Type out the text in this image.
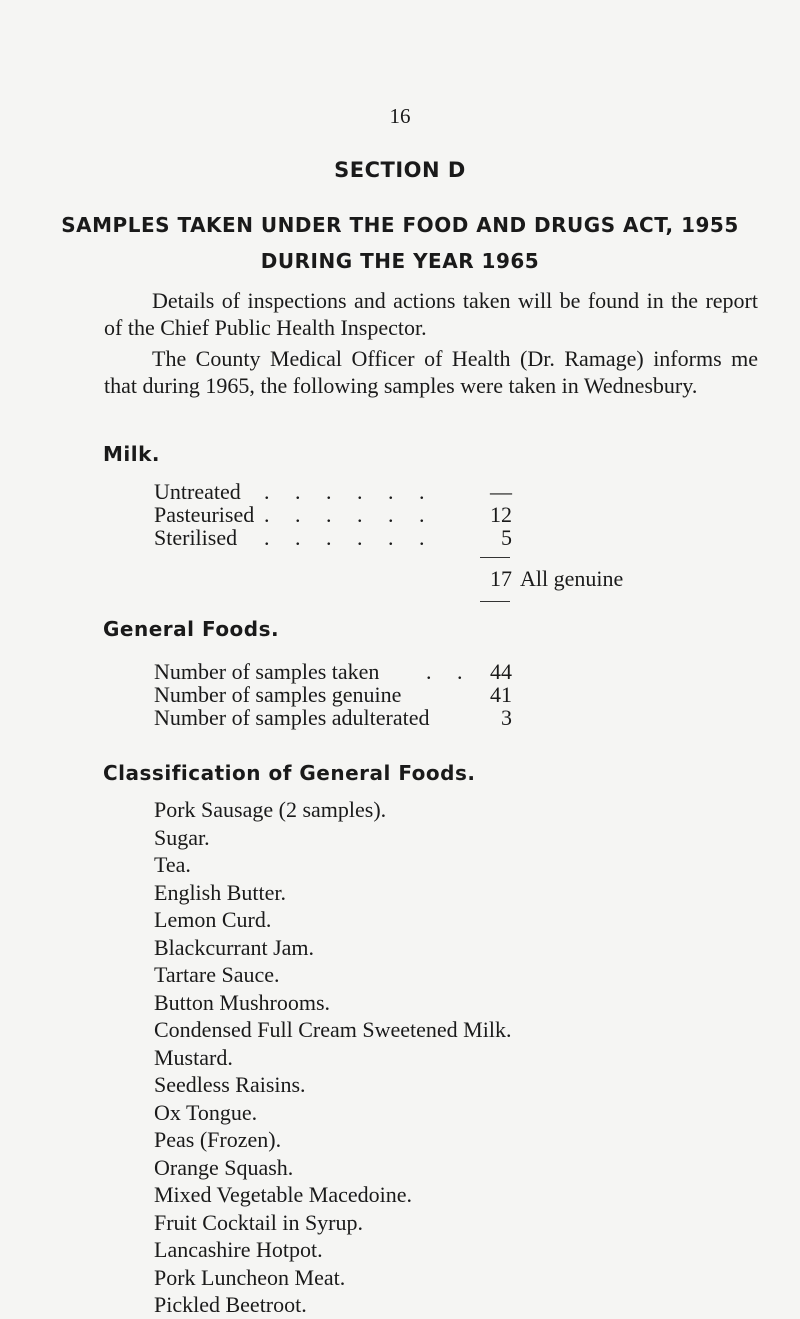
16
SECTION D
SAMPLES TAKEN UNDER THE FOOD AND DRUGS ACT, 1955
DURING THE YEAR 1965
Details of inspections and actions taken will be found in the report of the Chief Public Health Inspector.
The County Medical Officer of Health (Dr. Ramage) informs me that during 1965, the following samples were taken in Wednesbury.
Milk.
Untreated . . . . . .	—
Pasteurised . . . . . .	12
Sterilised . . . . . .	5
17 All genuine
General Foods.
Number of samples taken . . 44
Number of samples genuine	41
Number of samples adulterated	3
Classification of General Foods.
Pork Sausage (2 samples).
Sugar.
Tea.
English Butter.
Lemon Curd.
Blackcurrant Jam.
Tartare Sauce.
Button Mushrooms.
Condensed Full Cream Sweetened Milk.
Mustard.
Seedless Raisins.
Ox Tongue.
Peas (Frozen).
Orange Squash.
Mixed Vegetable Macedoine.
Fruit Cocktail in Syrup.
Lancashire Hotpot.
Pork Luncheon Meat.
Pickled Beetroot.
